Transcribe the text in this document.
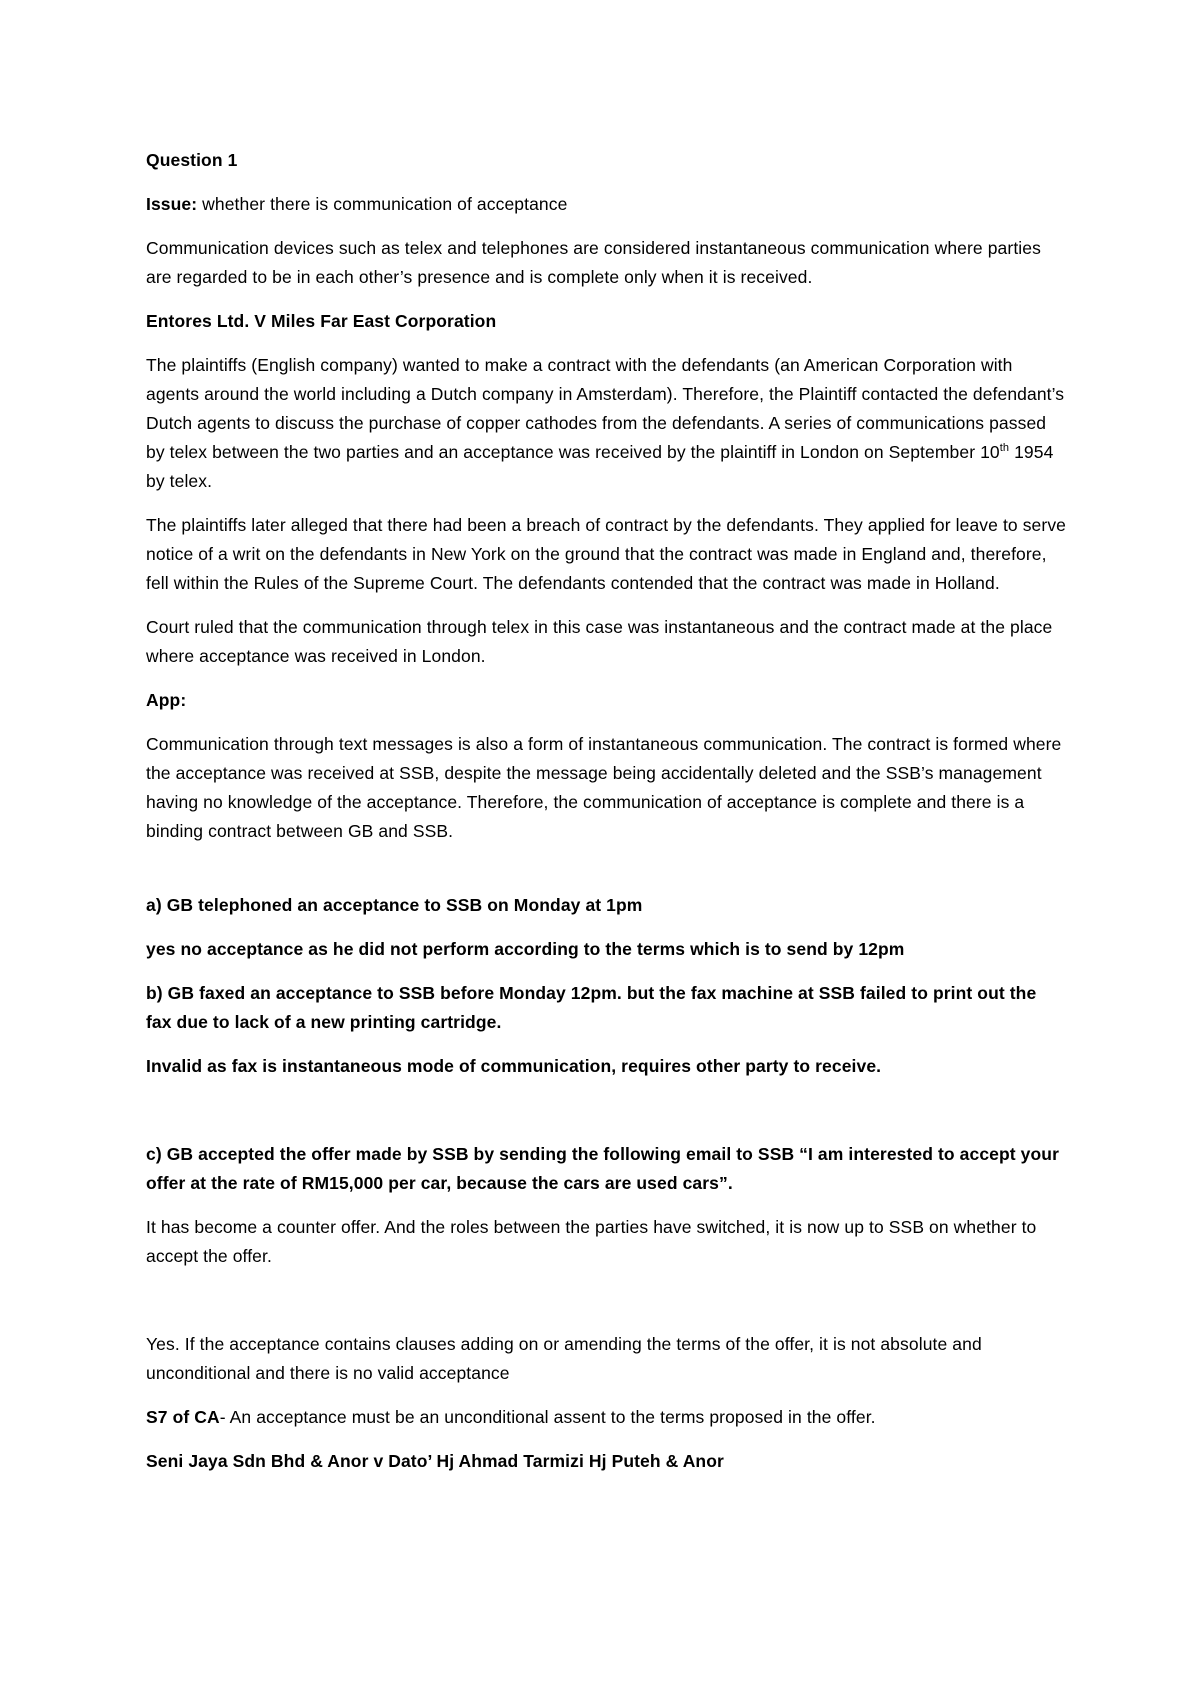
Question 1

Issue: whether there is communication of acceptance

Communication devices such as telex and telephones are considered instantaneous communication where parties are regarded to be in each other’s presence and is complete only when it is received.

Entores Ltd. V Miles Far East Corporation

The plaintiffs (English company) wanted to make a contract with the defendants (an American Corporation with agents around the world including a Dutch company in Amsterdam). Therefore, the Plaintiff contacted the defendant’s Dutch agents to discuss the purchase of copper cathodes from the defendants. A series of communications passed by telex between the two parties and an acceptance was received by the plaintiff in London on September 10th 1954 by telex.

The plaintiffs later alleged that there had been a breach of contract by the defendants. They applied for leave to serve notice of a writ on the defendants in New York on the ground that the contract was made in England and, therefore, fell within the Rules of the Supreme Court. The defendants contended that the contract was made in Holland.

Court ruled that the communication through telex in this case was instantaneous and the contract made at the place where acceptance was received in London.

App:

Communication through text messages is also a form of instantaneous communication. The contract is formed where the acceptance was received at SSB, despite the message being accidentally deleted and the SSB’s management having no knowledge of the acceptance. Therefore, the communication of acceptance is complete and there is a binding contract between GB and SSB.

a) GB telephoned an acceptance to SSB on Monday at 1pm

yes no acceptance as he did not perform according to the terms which is to send by 12pm

b) GB faxed an acceptance to SSB before Monday 12pm. but the fax machine at SSB failed to print out the fax due to lack of a new printing cartridge.

Invalid as fax is instantaneous mode of communication, requires other party to receive.

c) GB accepted the offer made by SSB by sending the following email to SSB “I am interested to accept your offer at the rate of RM15,000 per car, because the cars are used cars”.

It has become a counter offer. And the roles between the parties have switched, it is now up to SSB on whether to accept the offer.

Yes. If the acceptance contains clauses adding on or amending the terms of the offer, it is not absolute and unconditional and there is no valid acceptance

S7 of CA- An acceptance must be an unconditional assent to the terms proposed in the offer.

Seni Jaya Sdn Bhd & Anor v Dato’ Hj Ahmad Tarmizi Hj Puteh & Anor
